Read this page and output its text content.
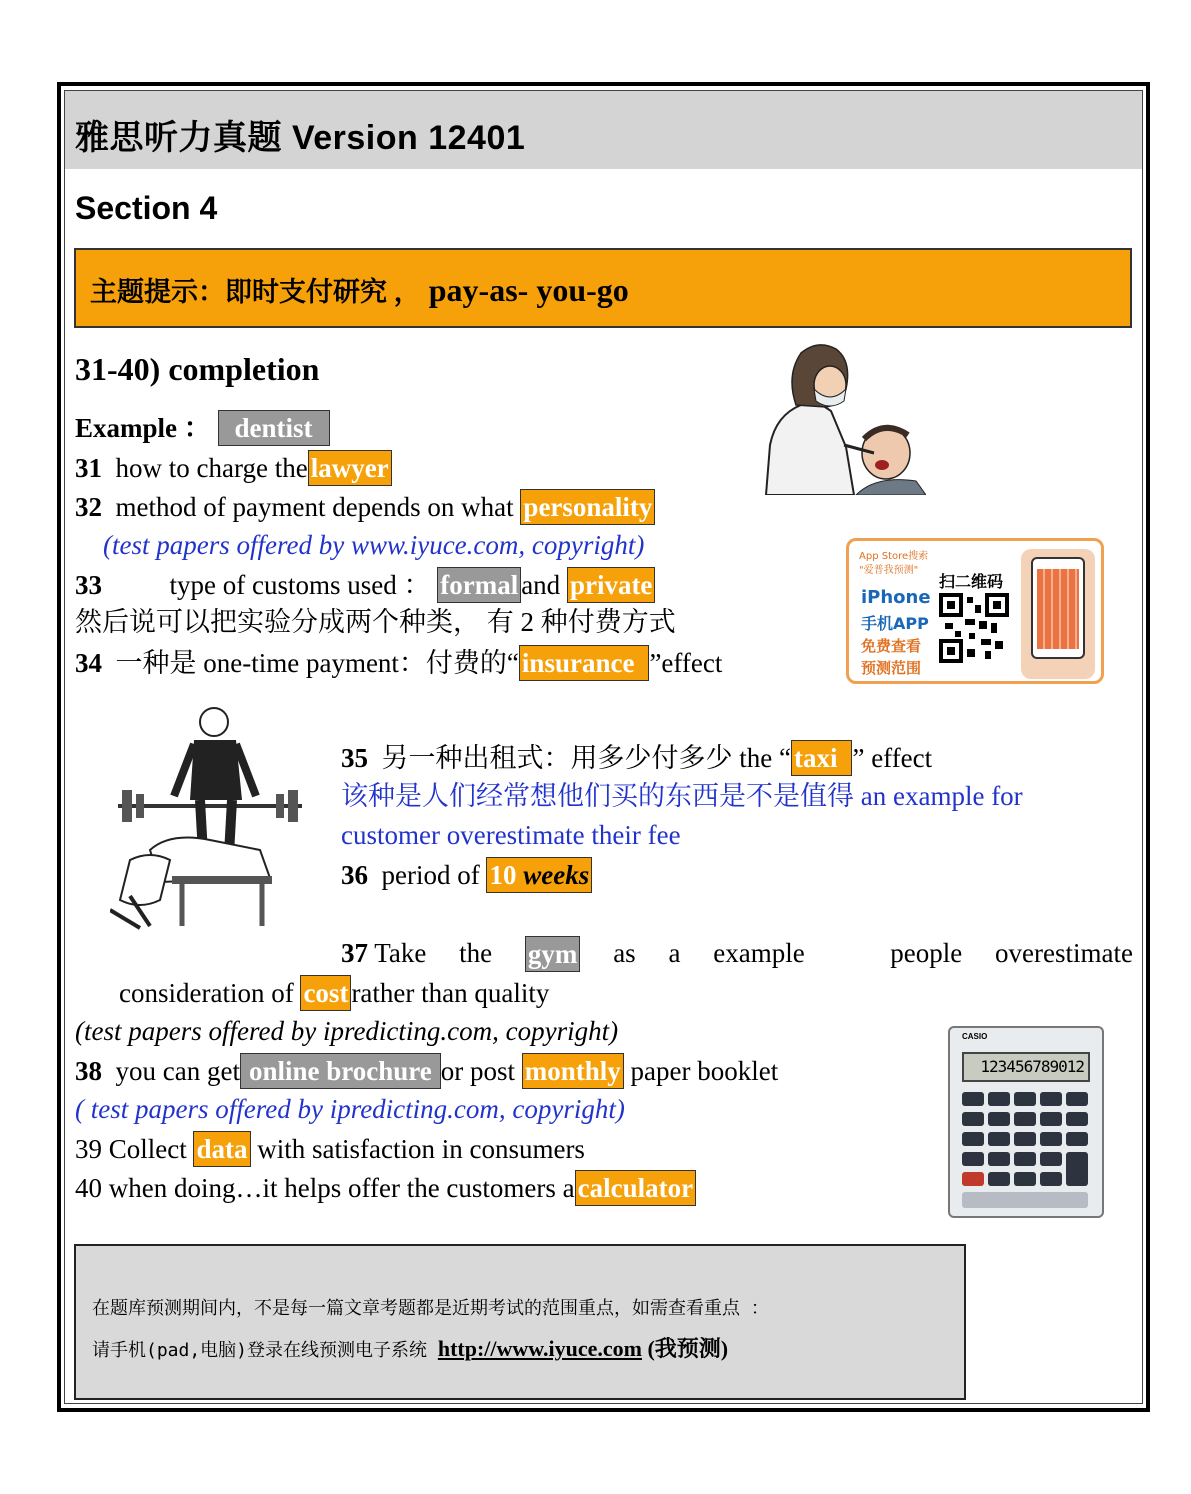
雅思听力真题 Version 12401
Section 4
主题提示：即时支付研究 ， pay-as- you-go
31-40) completion
Example ： dentist
31 how to charge the lawyer
32 method of payment depends on what personality
(test papers offered by www.iyuce.com, copyright)
33	type of customs used ： formal and private
然后说可以把实验分成两个种类， 有 2 种付费方式
34 一种是 one-time payment：付费的“ insurance ”effect
App Store搜索
"爱普我预测"
iPhone
手机APP
免费查看
预测范围
扫二维码
35 另一种出租式：用多少付多少 the “ taxi ” effect
该种是人们经常想他们买的东西是不是值得 an example for
customer overestimate their fee
36 period of 10 weeks
37 Take the gym as a example	people overestimate
consideration of cost rather than quality
(test papers offered by ipredicting.com, copyright)
38 you can get online brochure or post monthly paper booklet
( test papers offered by ipredicting.com, copyright)
39 Collect data with satisfaction in consumers
40 when doing…it helps offer the customers a calculator
CASIO
123456789012
在题库预测期间内，不是每一篇文章考题都是近期考试的范围重点，如需查看重点 ：
请手机(pad,电脑)登录在线预测电子系统 http://www.iyuce.com (我预测)
